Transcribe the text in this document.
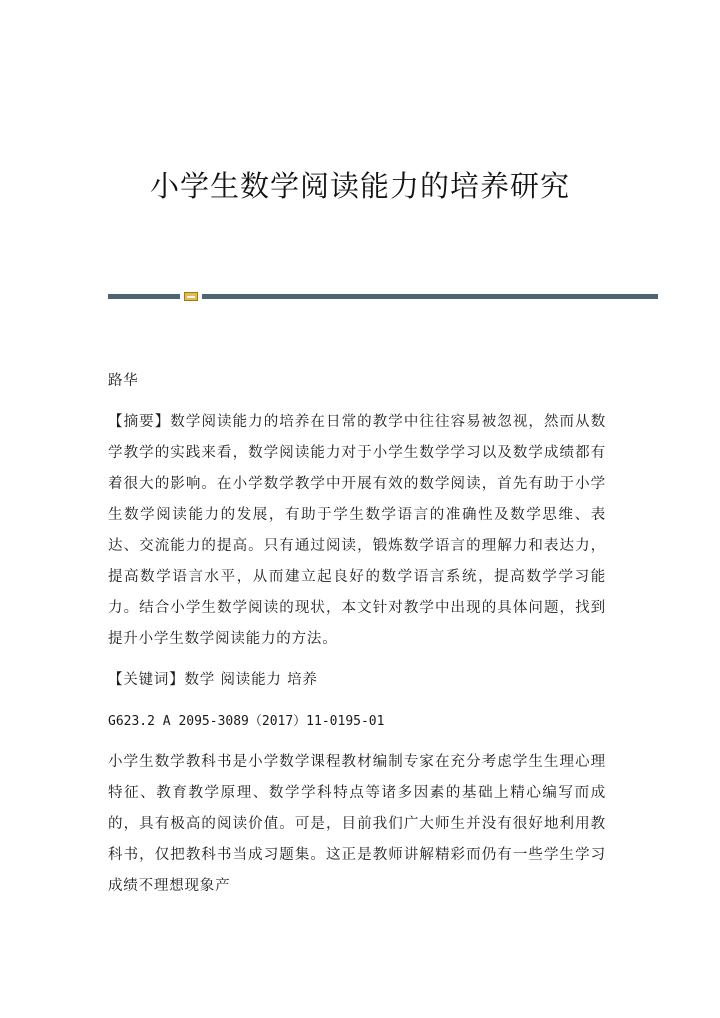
小学生数学阅读能力的培养研究

路华

【摘要】数学阅读能力的培养在日常的教学中往往容易被忽视，然而从数学教学的实践来看，数学阅读能力对于小学生数学学习以及数学成绩都有着很大的影响。在小学数学教学中开展有效的数学阅读，首先有助于小学生数学阅读能力的发展，有助于学生数学语言的准确性及数学思维、表达、交流能力的提高。只有通过阅读，锻炼数学语言的理解力和表达力，提高数学语言水平，从而建立起良好的数学语言系统，提高数学学习能力。结合小学生数学阅读的现状，本文针对教学中出现的具体问题，找到提升小学生数学阅读能力的方法。

【关键词】数学 阅读能力 培养

G623.2 A 2095-3089（2017）11-0195-01

小学生数学教科书是小学数学课程教材编制专家在充分考虑学生生理心理特征、教育教学原理、数学学科特点等诸多因素的基础上精心编写而成的，具有极高的阅读价值。可是，目前我们广大师生并没有很好地利用教科书，仅把教科书当成习题集。这正是教师讲解精彩而仍有一些学生学习成绩不理想现象产
